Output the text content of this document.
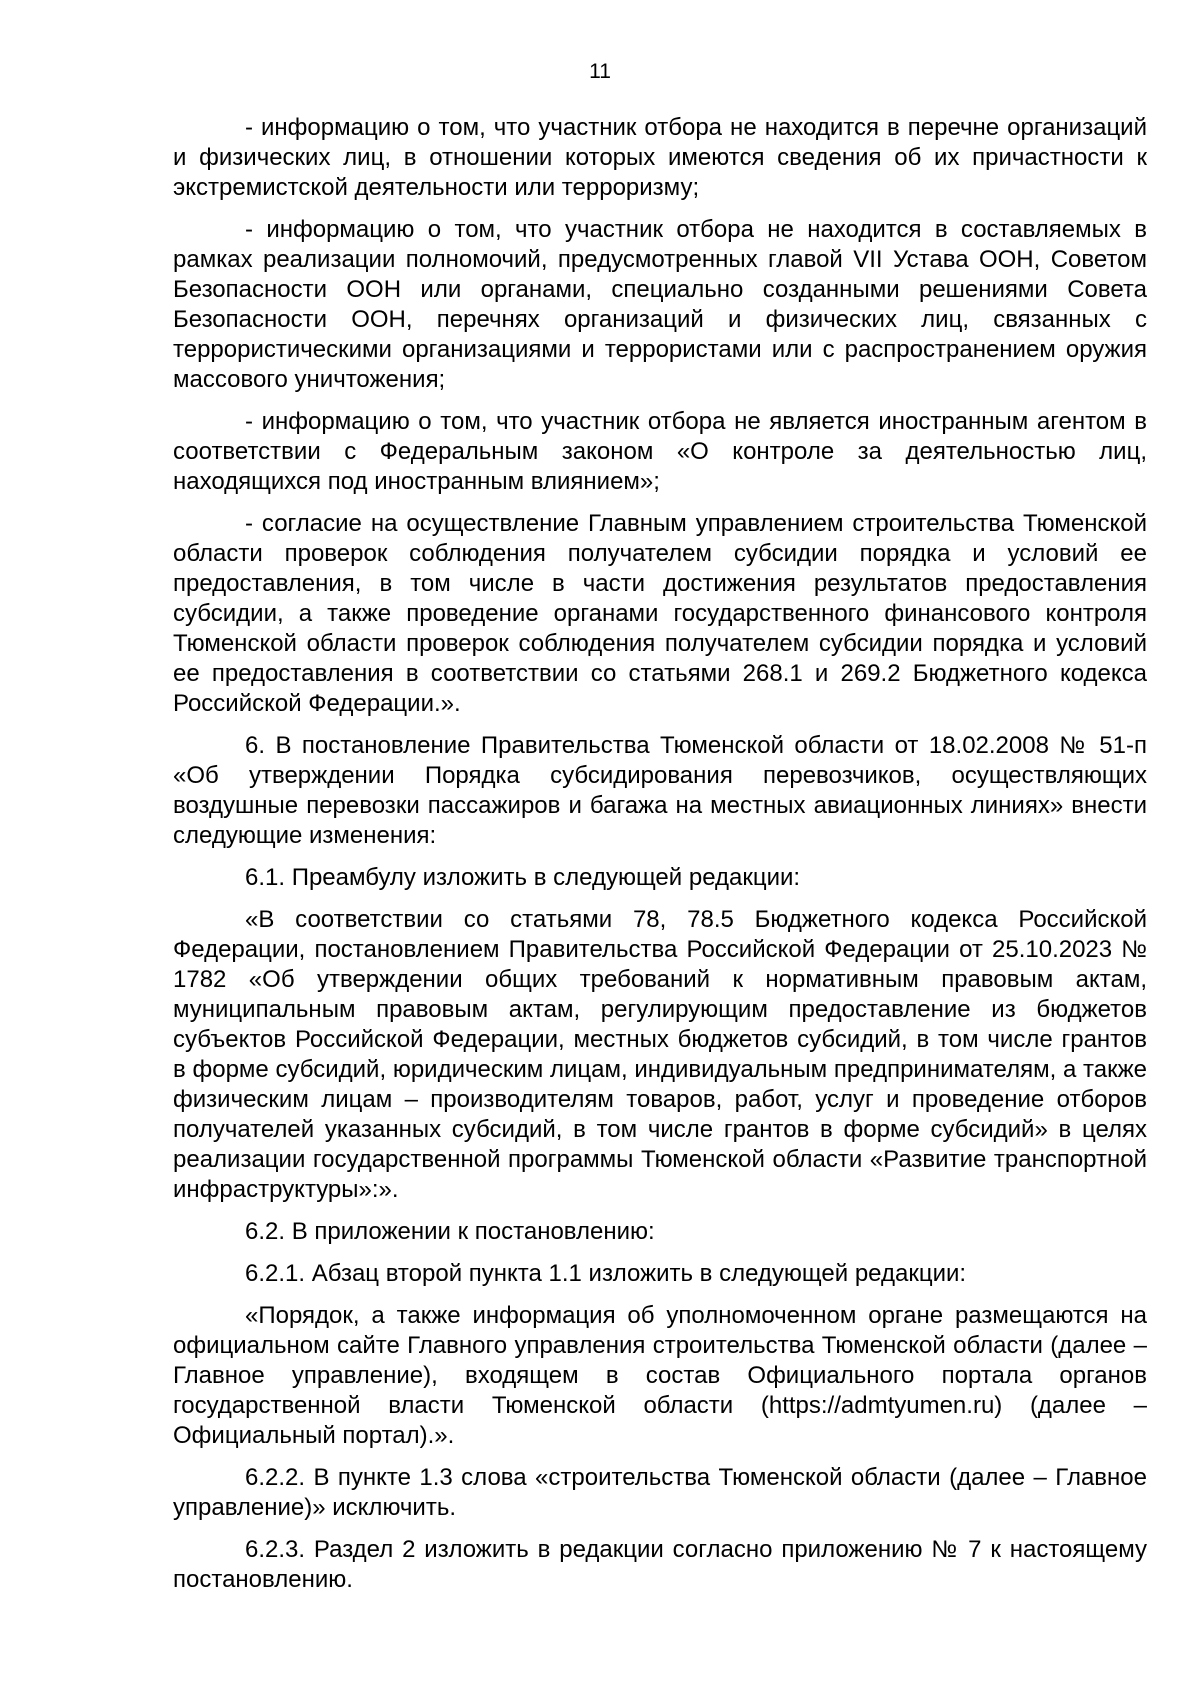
11

- информацию о том, что участник отбора не находится в перечне организаций и физических лиц, в отношении которых имеются сведения об их причастности к экстремистской деятельности или терроризму;

- информацию о том, что участник отбора не находится в составляемых в рамках реализации полномочий, предусмотренных главой VII Устава ООН, Советом Безопасности ООН или органами, специально созданными решениями Совета Безопасности ООН, перечнях организаций и физических лиц, связанных с террористическими организациями и террористами или с распространением оружия массового уничтожения;

- информацию о том, что участник отбора не является иностранным агентом в соответствии с Федеральным законом «О контроле за деятельностью лиц, находящихся под иностранным влиянием»;

- согласие на осуществление Главным управлением строительства Тюменской области проверок соблюдения получателем субсидии порядка и условий ее предоставления, в том числе в части достижения результатов предоставления субсидии, а также проведение органами государственного финансового контроля Тюменской области проверок соблюдения получателем субсидии порядка и условий ее предоставления в соответствии со статьями 268.1 и 269.2 Бюджетного кодекса Российской Федерации.».

6. В постановление Правительства Тюменской области от 18.02.2008 № 51-п «Об утверждении Порядка субсидирования перевозчиков, осуществляющих воздушные перевозки пассажиров и багажа на местных авиационных линиях» внести следующие изменения:

6.1. Преамбулу изложить в следующей редакции:

«В соответствии со статьями 78, 78.5 Бюджетного кодекса Российской Федерации, постановлением Правительства Российской Федерации от 25.10.2023 № 1782 «Об утверждении общих требований к нормативным правовым актам, муниципальным правовым актам, регулирующим предоставление из бюджетов субъектов Российской Федерации, местных бюджетов субсидий, в том числе грантов в форме субсидий, юридическим лицам, индивидуальным предпринимателям, а также физическим лицам – производителям товаров, работ, услуг и проведение отборов получателей указанных субсидий, в том числе грантов в форме субсидий» в целях реализации государственной программы Тюменской области «Развитие транспортной инфраструктуры»:».

6.2. В приложении к постановлению:

6.2.1. Абзац второй пункта 1.1 изложить в следующей редакции:

«Порядок, а также информация об уполномоченном органе размещаются на официальном сайте Главного управления строительства Тюменской области (далее – Главное управление), входящем в состав Официального портала органов государственной власти Тюменской области (https://admtyumen.ru) (далее – Официальный портал).».

6.2.2. В пункте 1.3 слова «строительства Тюменской области (далее – Главное управление)» исключить.

6.2.3. Раздел 2 изложить в редакции согласно приложению № 7 к настоящему постановлению.
